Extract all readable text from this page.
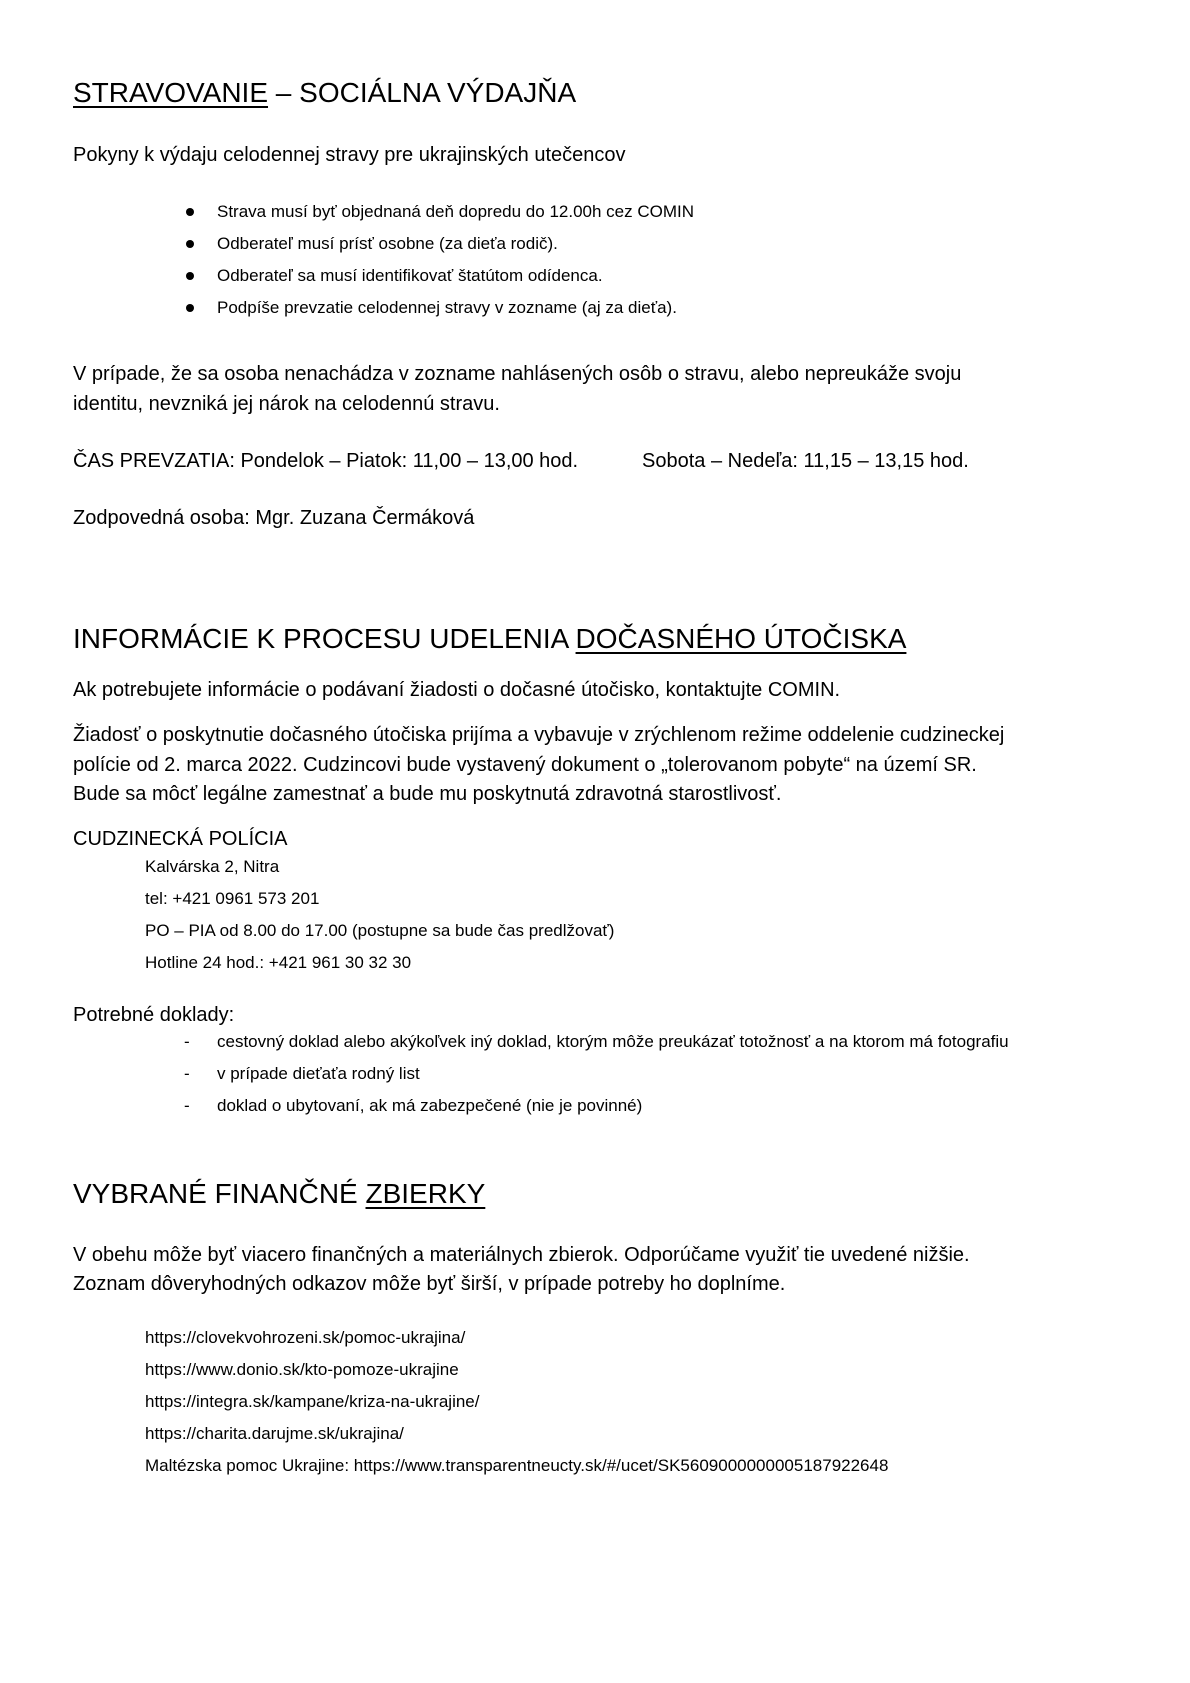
STRAVOVANIE – SOCIÁLNA VÝDAJŇA
Pokyny k výdaju celodennej stravy pre ukrajinských utečencov
Strava musí byť objednaná deň dopredu do 12.00h cez COMIN
Odberateľ musí prísť osobne (za dieťa rodič).
Odberateľ sa musí identifikovať štatútom odídenca.
Podpíše prevzatie celodennej stravy v zozname (aj za dieťa).
V prípade, že sa osoba nenachádza v zozname nahlásených osôb o stravu, alebo nepreukáže svoju
identitu, nevzniká jej nárok na celodennú stravu.
ČAS PREVZATIA: Pondelok – Piatok: 11,00 – 13,00 hod.	Sobota – Nedeľa: 11,15 – 13,15 hod.
Zodpovedná osoba: Mgr. Zuzana Čermáková
INFORMÁCIE K PROCESU UDELENIA DOČASNÉHO ÚTOČISKA
Ak potrebujete informácie o podávaní žiadosti o dočasné útočisko, kontaktujte COMIN.
Žiadosť o poskytnutie dočasného útočiska prijíma a vybavuje v zrýchlenom režime oddelenie cudzineckej
polície od 2. marca 2022. Cudzincovi bude vystavený dokument o „tolerovanom pobyte“ na území SR.
Bude sa môcť legálne zamestnať a bude mu poskytnutá zdravotná starostlivosť.
CUDZINECKÁ POLÍCIA
Kalvárska 2, Nitra
tel: +421 0961 573 201
PO – PIA od 8.00 do 17.00 (postupne sa bude čas predlžovať)
Hotline 24 hod.: +421 961 30 32 30
Potrebné doklady:
- cestovný doklad alebo akýkoľvek iný doklad, ktorým môže preukázať totožnosť a na ktorom má fotografiu
- v prípade dieťaťa rodný list
- doklad o ubytovaní, ak má zabezpečené (nie je povinné)
VYBRANÉ FINANČNÉ ZBIERKY
V obehu môže byť viacero finančných a materiálnych zbierok. Odporúčame využiť tie uvedené nižšie.
Zoznam dôveryhodných odkazov môže byť širší, v prípade potreby ho doplníme.
https://clovekvohrozeni.sk/pomoc-ukrajina/
https://www.donio.sk/kto-pomoze-ukrajine
https://integra.sk/kampane/kriza-na-ukrajine/
https://charita.darujme.sk/ukrajina/
Maltézska pomoc Ukrajine: https://www.transparentneucty.sk/#/ucet/SK5609000000005187922648
